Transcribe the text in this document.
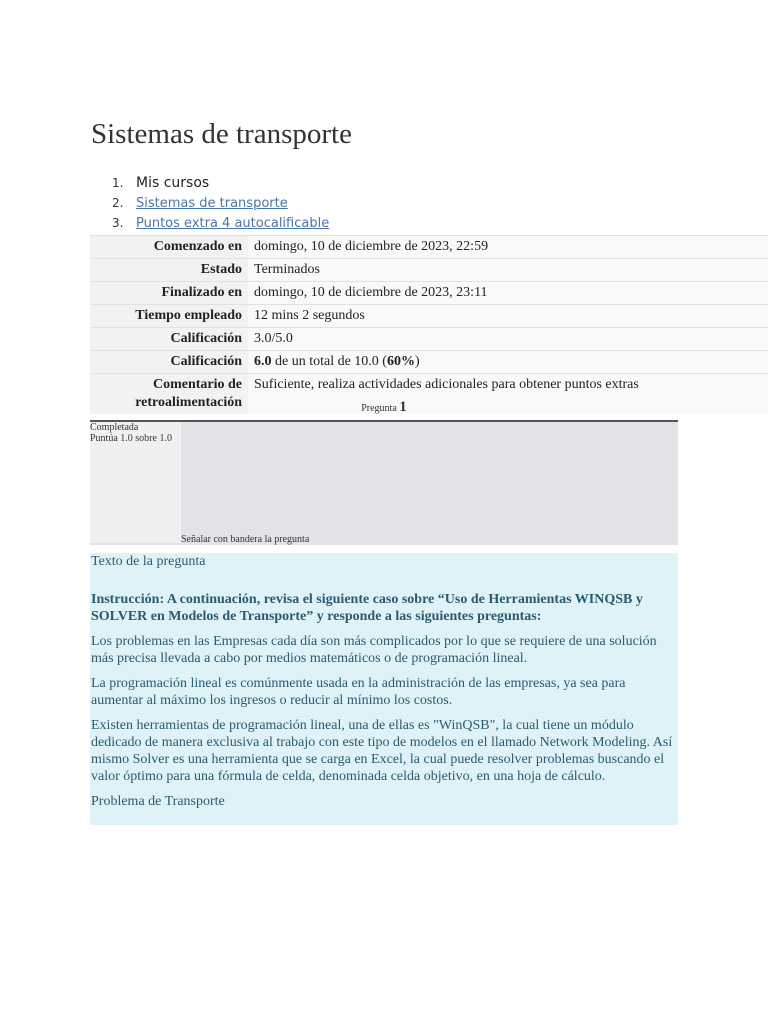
Sistemas de transporte
1. Mis cursos
2. Sistemas de transporte
3. Puntos extra 4 autocalificable
Comenzado en	domingo, 10 de diciembre de 2023, 22:59
Estado	Terminados
Finalizado en	domingo, 10 de diciembre de 2023, 23:11
Tiempo empleado	12 mins 2 segundos
Calificación	3.0/5.0
Calificación	6.0 de un total de 10.0 (60%)
Comentario de
retroalimentación	Suficiente, realiza actividades adicionales para obtener puntos extras
Pregunta 1
Completada
Puntúa 1.0 sobre 1.0
Señalar con bandera la pregunta

Texto de la pregunta

Instrucción: A continuación, revisa el siguiente caso sobre “Uso de Herramientas WINQSB y SOLVER en Modelos de Transporte” y responde a las siguientes preguntas:

Los problemas en las Empresas cada día son más complicados por lo que se requiere de una solución más precisa llevada a cabo por medios matemáticos o de programación lineal.

La programación lineal es comúnmente usada en la administración de las empresas, ya sea para aumentar al máximo los ingresos o reducir al mínimo los costos.

Existen herramientas de programación lineal, una de ellas es "WinQSB", la cual tiene un módulo dedicado de manera exclusiva al trabajo con este tipo de modelos en el llamado Network Modeling. Así mismo Solver es una herramienta que se carga en Excel, la cual puede resolver problemas buscando el valor óptimo para una fórmula de celda, denominada celda objetivo, en una hoja de cálculo.

Problema de Transporte
